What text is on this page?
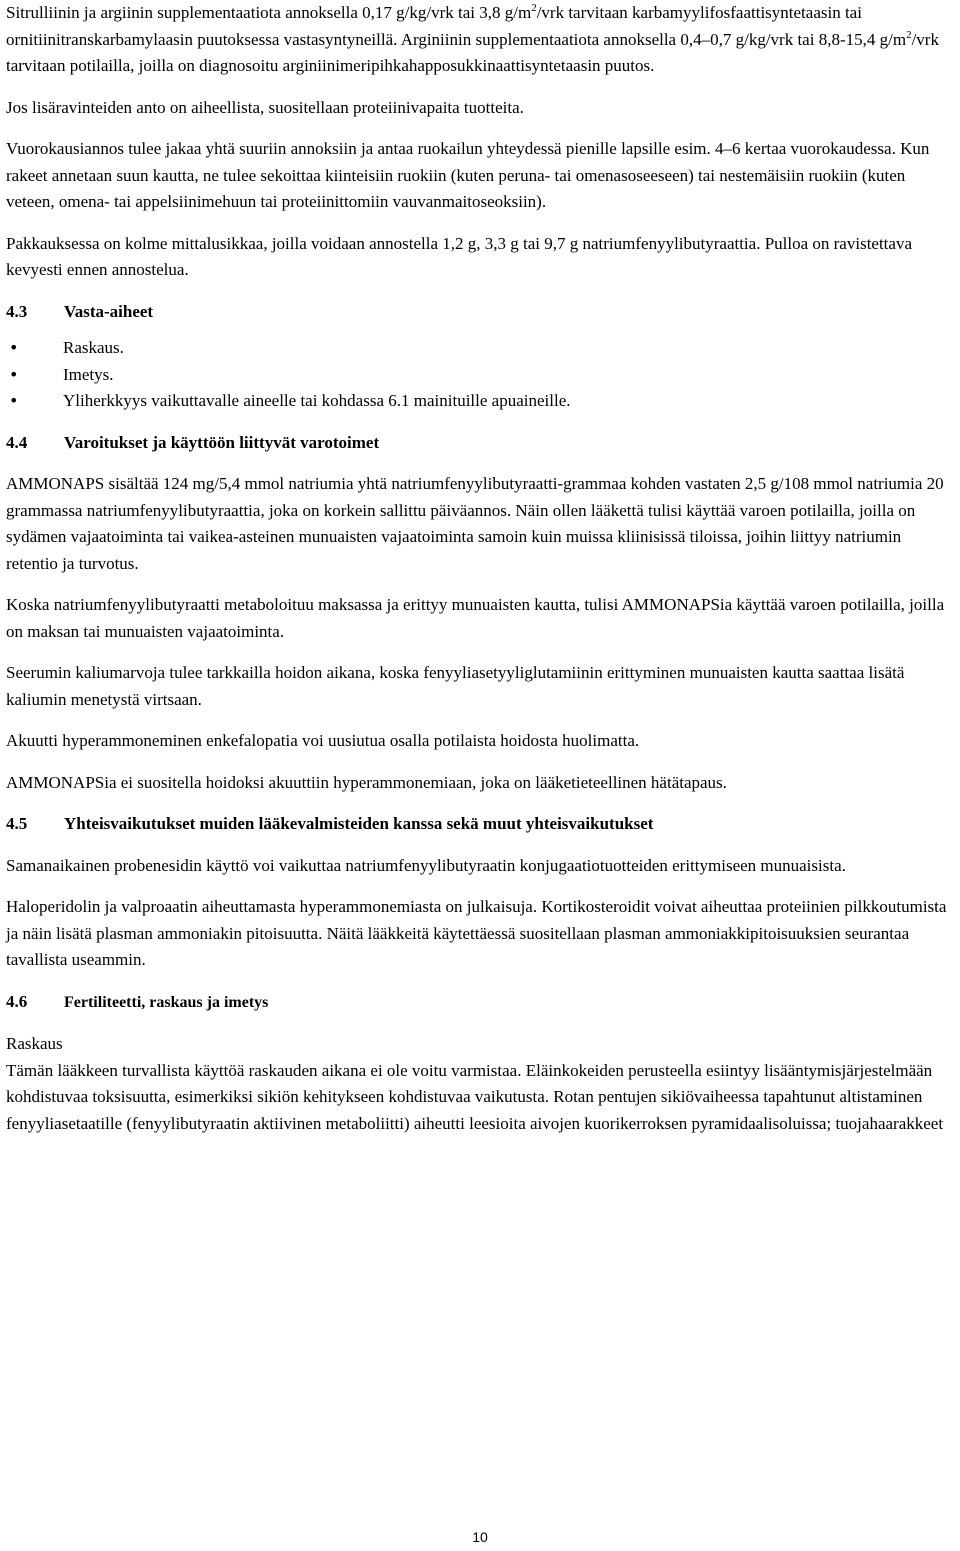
Sitrulliinin ja argiinin supplementaatiota annoksella 0,17 g/kg/vrk tai 3,8 $g/m^2$/vrk tarvitaan karbamyylifosfaattisyntetaasin tai ornitiinitranskarbamylaasin puutoksessa vastasyntyneillä. Arginiinin supplementaatiota annoksella 0,4–0,7 g/kg/vrk tai 8,8-15,4 $g/m^2$/vrk tarvitaan potilailla, joilla on diagnosoitu arginiinimeripihkahapposukkinaattisyntetaasin puutos.

Jos lisäravinteiden anto on aiheellista, suositellaan proteiinivapaita tuotteita.

Vuorokausiannos tulee jakaa yhtä suuriin annoksiin ja antaa ruokailun yhteydessä pienille lapsille esim. 4–6 kertaa vuorokaudessa. Kun rakeet annetaan suun kautta, ne tulee sekoittaa kiinteisiin ruokiin (kuten peruna- tai omenasoseeseen) tai nestemäisiin ruokiin (kuten veteen, omena- tai appelsiinimehuun tai proteiinittomiin vauvanmaitoseoksiin).

Pakkauksessa on kolme mittalusikkaa, joilla voidaan annostella 1,2 g, 3,3 g tai 9,7 g natriumfenyylibutyraattia. Pulloa on ravistettava kevyesti ennen annostelua.

4.3 Vasta-aiheet
• Raskaus.
• Imetys.
• Yliherkkyys vaikuttavalle aineelle tai kohdassa 6.1 mainituille apuaineille.
4.4 Varoitukset ja käyttöön liittyvät varotoimet

AMMONAPS sisältää 124 mg/5,4 mmol natriumia yhtä natriumfenyylibutyraatti-grammaa kohden vastaten 2,5 g/108 mmol natriumia 20 grammassa natriumfenyylibutyraattia, joka on korkein sallittu päiväannos. Näin ollen lääkettä tulisi käyttää varoen potilailla, joilla on sydämen vajaatoiminta tai vaikea-asteinen munuaisten vajaatoiminta samoin kuin muissa kliinisissä tiloissa, joihin liittyy natriumin retentio ja turvotus.

Koska natriumfenyylibutyraatti metaboloituu maksassa ja erittyy munuaisten kautta, tulisi AMMONAPSia käyttää varoen potilailla, joilla on maksan tai munuaisten vajaatoiminta.

Seerumin kaliumarvoja tulee tarkkailla hoidon aikana, koska fenyyliasetyyliglutamiinin erittyminen munuaisten kautta saattaa lisätä kaliumin menetystä virtsaan.

Akuutti hyperammoneminen enkefalopatia voi uusiutua osalla potilaista hoidosta huolimatta.

AMMONAPSia ei suositella hoidoksi akuuttiin hyperammonemiaan, joka on lääketieteellinen hätätapaus.

4.5 Yhteisvaikutukset muiden lääkevalmisteiden kanssa sekä muut yhteisvaikutukset

Samanaikainen probenesidin käyttö voi vaikuttaa natriumfenyylibutyraatin konjugaatiotuotteiden erittymiseen munuaisista.

Haloperidolin ja valproaatin aiheuttamasta hyperammonemiasta on julkaisuja. Kortikosteroidit voivat aiheuttaa proteiinien pilkkoutumista ja näin lisätä plasman ammoniakin pitoisuutta. Näitä lääkkeitä käytettäessä suositellaan plasman ammoniakkipitoisuuksien seurantaa tavallista useammin.

4.6 Fertiliteetti, raskaus ja imetys

Raskaus

Tämän lääkkeen turvallista käyttöä raskauden aikana ei ole voitu varmistaa. Eläinkokeiden perusteella esiintyy lisääntymisjärjestelmään kohdistuvaa toksisuutta, esimerkiksi sikiön kehitykseen kohdistuvaa vaikutusta. Rotan pentujen sikiövaiheessa tapahtunut altistaminen fenyyliasetaatille (fenyylibutyraatin aktiivinen metaboliitti) aiheutti leesioita aivojen kuorikerroksen pyramidaalisoluissa; tuojahaarakkeet

10
